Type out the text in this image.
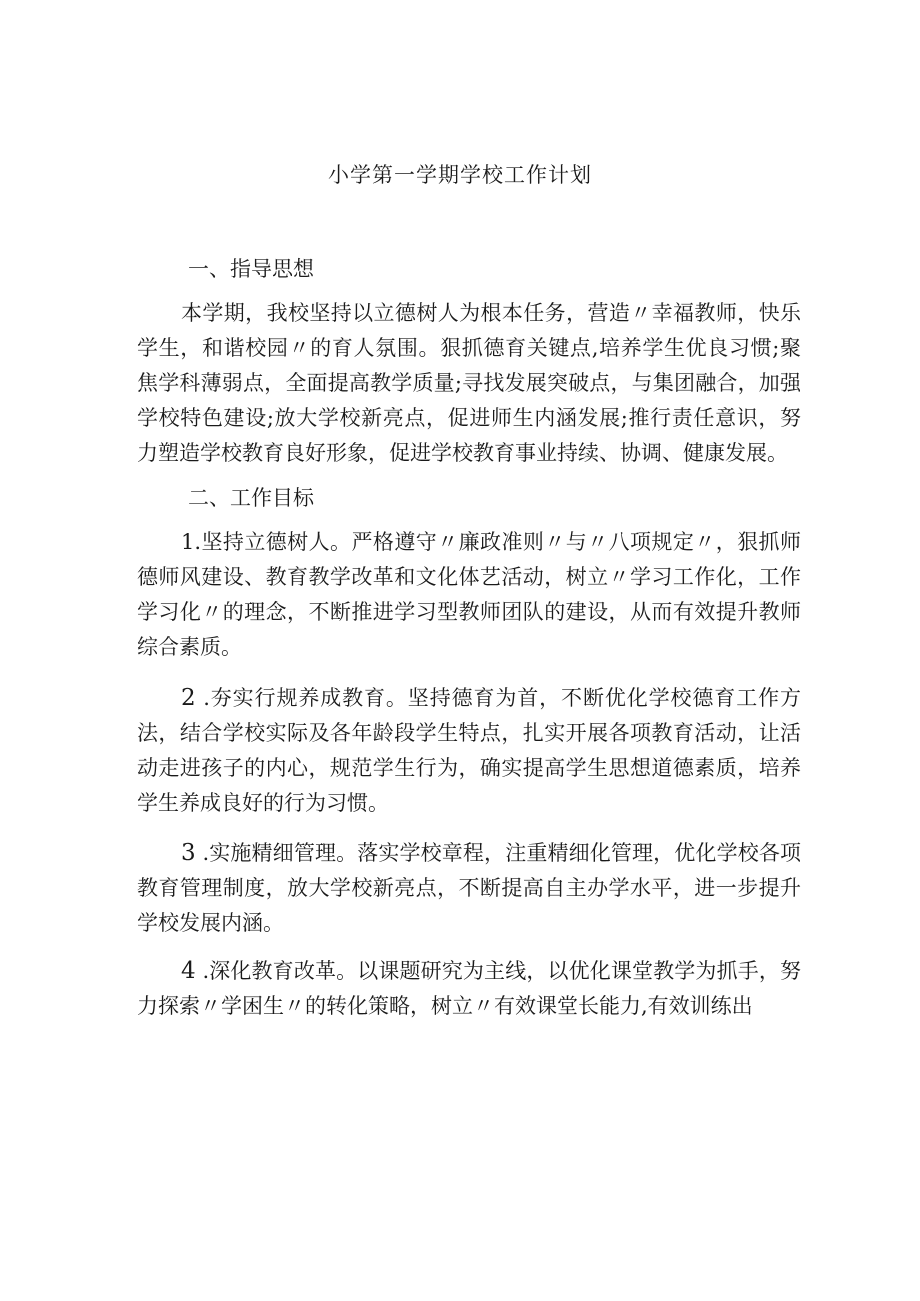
小学第一学期学校工作计划

一、指导思想

本学期，我校坚持以立德树人为根本任务，营造〃幸福教师，快乐学生，和谐校园〃的育人氛围。狠抓德育关键点,培养学生优良习惯;聚焦学科薄弱点，全面提高教学质量;寻找发展突破点，与集团融合，加强学校特色建设;放大学校新亮点，促进师生内涵发展;推行责任意识，努力塑造学校教育良好形象，促进学校教育事业持续、协调、健康发展。

二、工作目标

1.坚持立德树人。严格遵守〃廉政准则〃与〃八项规定〃，狠抓师德师风建设、教育教学改革和文化体艺活动，树立〃学习工作化，工作学习化〃的理念，不断推进学习型教师团队的建设，从而有效提升教师综合素质。

2 .夯实行规养成教育。坚持德育为首，不断优化学校德育工作方法，结合学校实际及各年龄段学生特点，扎实开展各项教育活动，让活动走进孩子的内心，规范学生行为，确实提高学生思想道德素质，培养学生养成良好的行为习惯。

3 .实施精细管理。落实学校章程，注重精细化管理，优化学校各项教育管理制度，放大学校新亮点，不断提高自主办学水平，进一步提升学校发展内涵。

4 .深化教育改革。以课题研究为主线，以优化课堂教学为抓手，努力探索〃学困生〃的转化策略，树立〃有效课堂长能力,有效训练出
